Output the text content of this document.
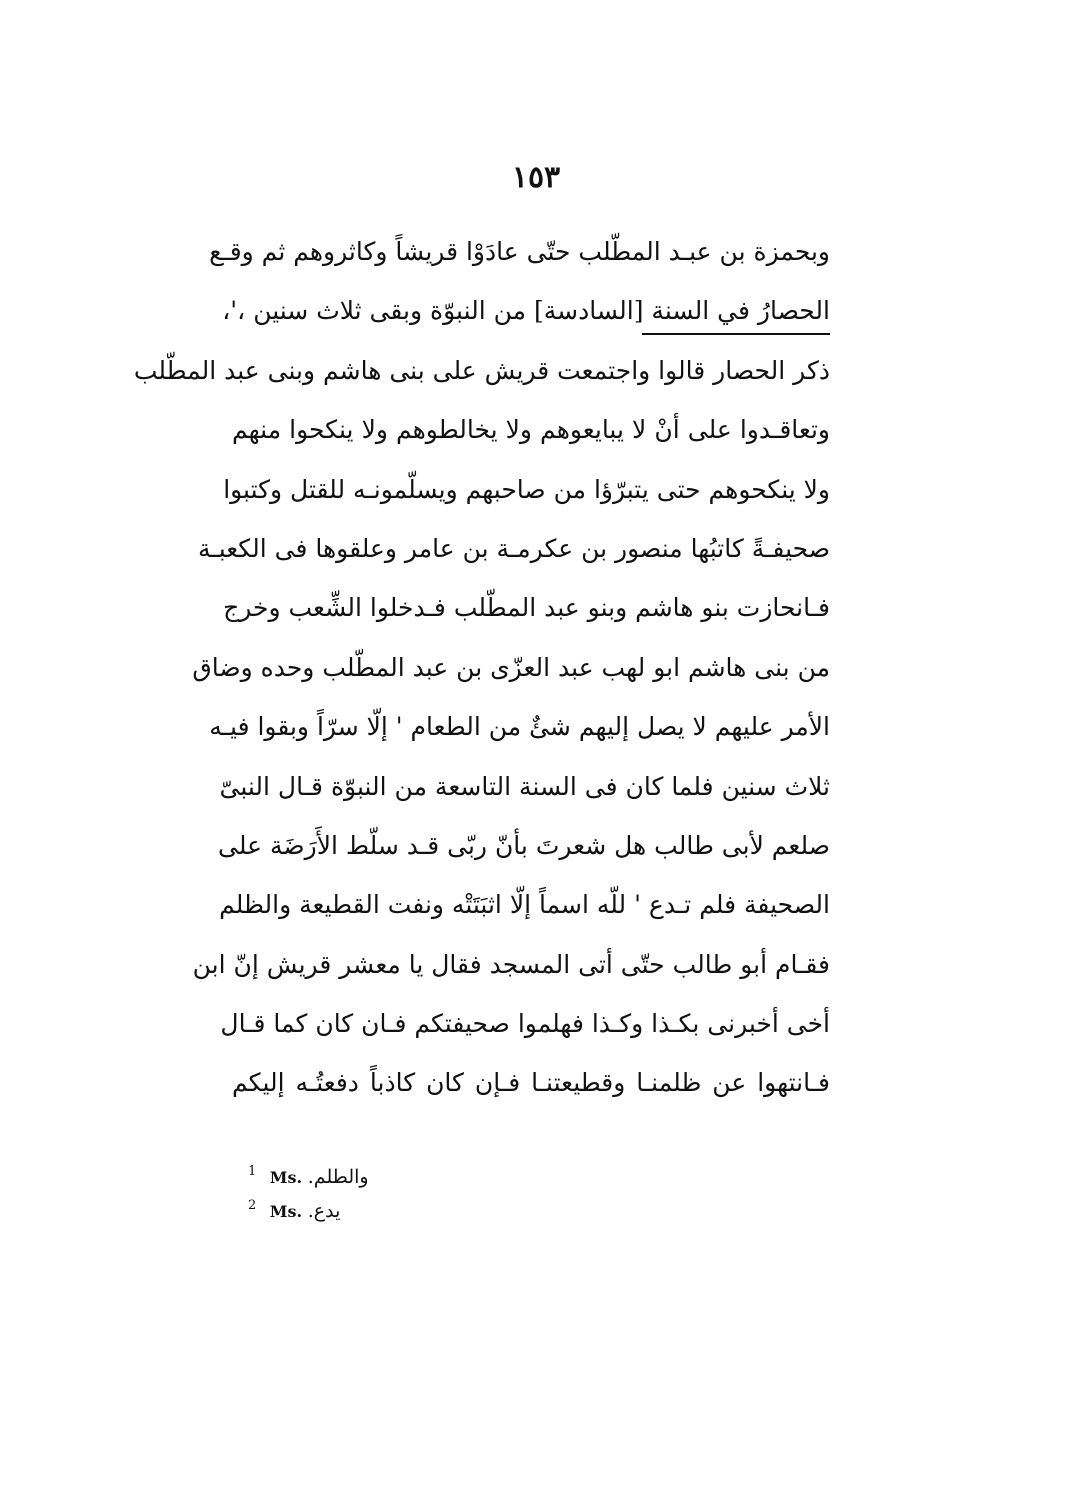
١٥٣
وبحمزة بن عبـد المطّلب حتّى عادَوْا قريشاً وكاثروهم ثم وقـع
الحصارُ في السنة [السادسة] من النبوّة وبقى ثلاث سنين ،'،
ذكر الحصار قالوا واجتمعت قريش على بنى هاشم وبنى عبد المطّلب
وتعاقـدوا على أنْ لا يبايعوهم ولا يخالطوهم ولا ينكحوا منهم
ولا ينكحوهم حتى يتبرّؤا من صاحبهم ويسلّمونـه للقتل وكتبوا
صحيفـةً كاتبُها منصور بن عكرمـة بن عامر وعلقوها فى الكعبـة
فـانحازت بنو هاشم وبنو عبد المطّلب فـدخلوا الشِّعب وخرج
من بنى هاشم ابو لهب عبد العزّى بن عبد المطّلب وحده وضاق
الأمر عليهم لا يصل إليهم شئٌ من الطعام ' إلّا سرّاً وبقوا فيـه
ثلاث سنين فلما كان فى السنة التاسعة من النبوّة قـال النبىّ
صلعم لأبى طالب هل شعرتَ بأنّ ربّى قـد سلّط الأَرَضَة على
الصحيفة فلم تـدع ' للّه اسماً إلّا اثبَتَتْه ونفت القطيعة والظلم
فقـام أبو طالب حتّى أتى المسجد فقال يا معشر قريش إنّ ابن
أخى أخبرنى بكـذا وكـذا فهلموا صحيفتكم فـان كان كما قـال
فـانتهوا عن ظلمنـا وقطيعتنـا فـإن كان كاذباً دفعتُـه إليكم
1 Ms. والطلم.
2 Ms. يدع.
